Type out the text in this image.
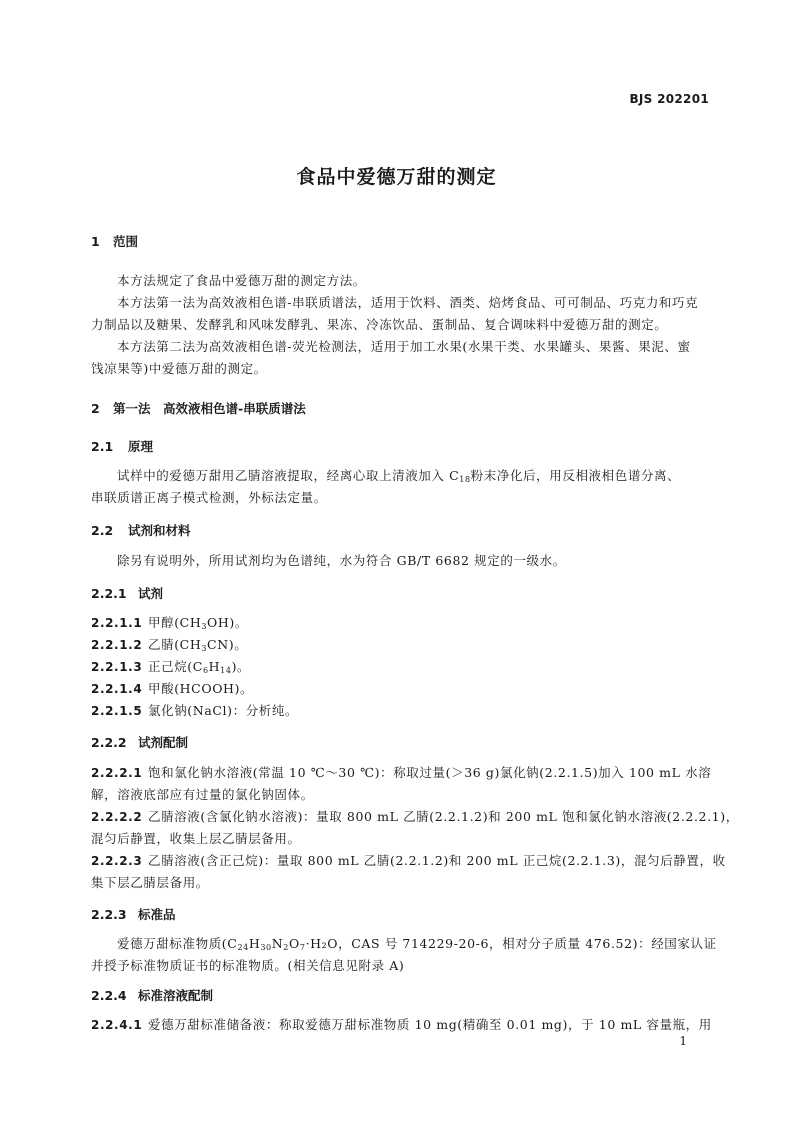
BJS 202201
食品中爱德万甜的测定
1 范围
本方法规定了食品中爱德万甜的测定方法。
本方法第一法为高效液相色谱-串联质谱法，适用于饮料、酒类、焙烤食品、可可制品、巧克力和巧克
力制品以及糖果、发酵乳和风味发酵乳、果冻、冷冻饮品、蛋制品、复合调味料中爱德万甜的测定。
本方法第二法为高效液相色谱-荧光检测法，适用于加工水果(水果干类、水果罐头、果酱、果泥、蜜
饯凉果等)中爱德万甜的测定。
2 第一法　高效液相色谱-串联质谱法
2.1 原理
试样中的爱德万甜用乙腈溶液提取，经离心取上清液加入 $C_{18}$粉末净化后，用反相液相色谱分离、
串联质谱正离子模式检测，外标法定量。
2.2 试剂和材料
除另有说明外，所用试剂均为色谱纯，水为符合 GB/T 6682 规定的一级水。
2.2.1 试剂
2.2.1.1 甲醇$(CH_3OH)$。
2.2.1.2 乙腈$(CH_3CN)$。
2.2.1.3 正己烷$(C_6H_{14})$。
2.2.1.4 甲酸(HCOOH)。
2.2.1.5 氯化钠(NaCl)：分析纯。
2.2.2 试剂配制
2.2.2.1 饱和氯化钠水溶液(常温 10 ℃～30 ℃)：称取过量(＞36 g)氯化钠(2.2.1.5)加入 100 mL 水溶
解，溶液底部应有过量的氯化钠固体。
2.2.2.2 乙腈溶液(含氯化钠水溶液)：量取 800 mL 乙腈(2.2.1.2)和 200 mL 饱和氯化钠水溶液(2.2.2.1)，
混匀后静置，收集上层乙腈层备用。
2.2.2.3 乙腈溶液(含正己烷)：量取 800 mL 乙腈(2.2.1.2)和 200 mL 正己烷(2.2.1.3)，混匀后静置，收
集下层乙腈层备用。
2.2.3 标准品
爱德万甜标准物质($C_{24}H_{30}N_2O_7\cdot H_2O$，CAS 号 714229-20-6，相对分子质量 476.52)：经国家认证
并授予标准物质证书的标准物质。(相关信息见附录 A)
2.2.4 标准溶液配制
2.2.4.1 爱德万甜标准储备液：称取爱德万甜标准物质 10 mg(精确至 0.01 mg)，于 10 mL 容量瓶，用
1
